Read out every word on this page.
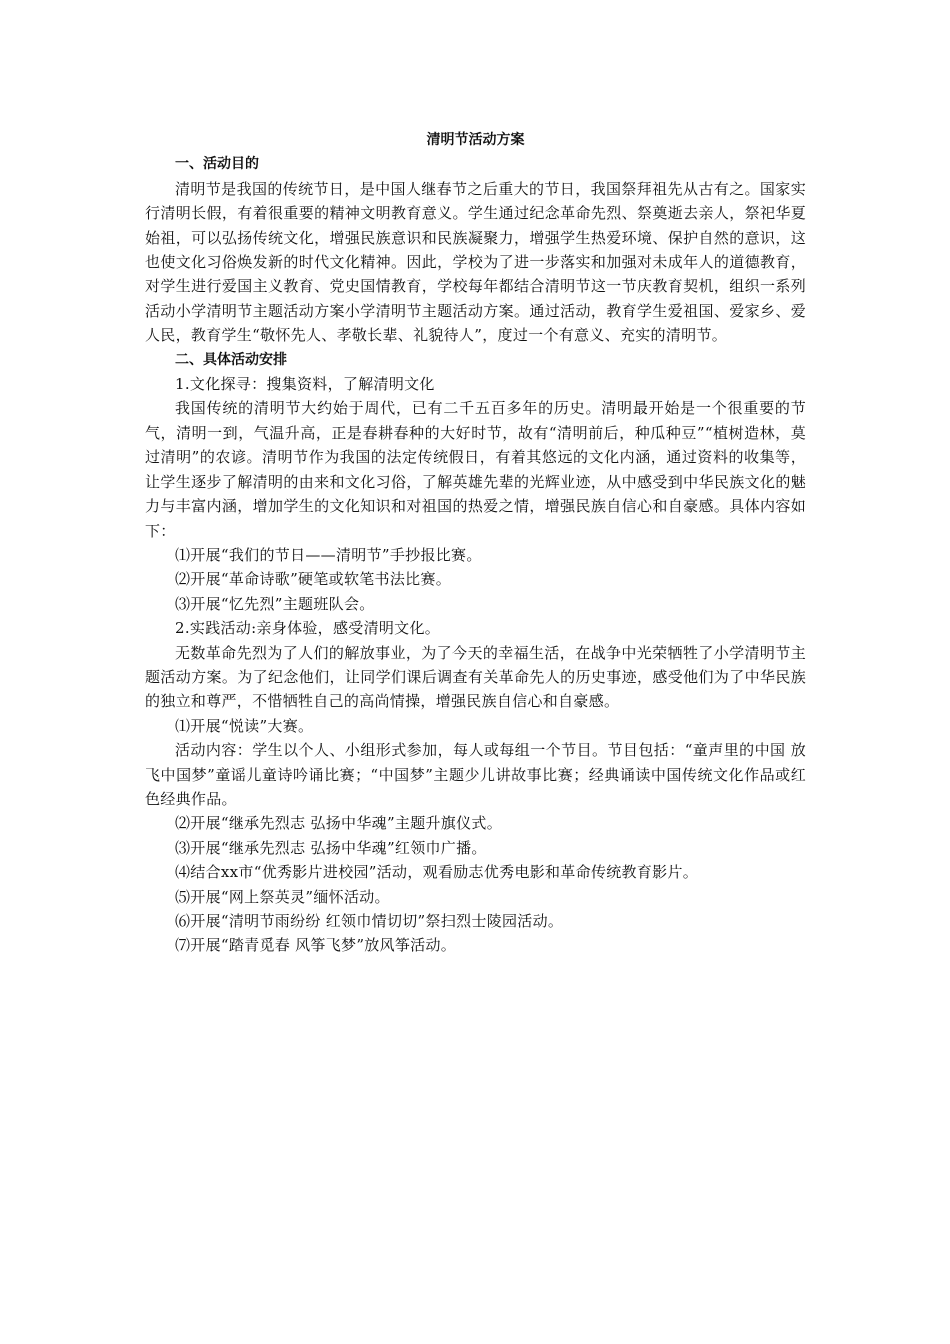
清明节活动方案
一、活动目的

清明节是我国的传统节日，是中国人继春节之后重大的节日，我国祭拜祖先从古有之。国家实行清明长假，有着很重要的精神文明教育意义。学生通过纪念革命先烈、祭奠逝去亲人，祭祀华夏始祖，可以弘扬传统文化，增强民族意识和民族凝聚力，增强学生热爱环境、保护自然的意识，这也使文化习俗焕发新的时代文化精神。因此，学校为了进一步落实和加强对未成年人的道德教育，对学生进行爱国主义教育、党史国情教育，学校每年都结合清明节这一节庆教育契机，组织一系列活动小学清明节主题活动方案小学清明节主题活动方案。通过活动，教育学生爱祖国、爱家乡、爱人民，教育学生“敬怀先人、孝敬长辈、礼貌待人”，度过一个有意义、充实的清明节。

二、具体活动安排

1.文化探寻：搜集资料，了解清明文化

我国传统的清明节大约始于周代，已有二千五百多年的历史。清明最开始是一个很重要的节气，清明一到，气温升高，正是春耕春种的大好时节，故有“清明前后，种瓜种豆”“植树造林，莫过清明”的农谚。清明节作为我国的法定传统假日，有着其悠远的文化内涵，通过资料的收集等，让学生逐步了解清明的由来和文化习俗，了解英雄先辈的光辉业迹，从中感受到中华民族文化的魅力与丰富内涵，增加学生的文化知识和对祖国的热爱之情，增强民族自信心和自豪感。具体内容如下：

⑴开展“我们的节日——清明节”手抄报比赛。

⑵开展“革命诗歌”硬笔或软笔书法比赛。

⑶开展“忆先烈”主题班队会。

2.实践活动:亲身体验，感受清明文化。

无数革命先烈为了人们的解放事业，为了今天的幸福生活，在战争中光荣牺牲了小学清明节主题活动方案。为了纪念他们，让同学们课后调查有关革命先人的历史事迹，感受他们为了中华民族的独立和尊严，不惜牺牲自己的高尚情操，增强民族自信心和自豪感。

⑴开展“悦读”大赛。

活动内容：学生以个人、小组形式参加，每人或每组一个节目。节目包括：“童声里的中国 放飞中国梦”童谣儿童诗吟诵比赛；“中国梦”主题少儿讲故事比赛；经典诵读中国传统文化作品或红色经典作品。

⑵开展“继承先烈志 弘扬中华魂”主题升旗仪式。

⑶开展“继承先烈志 弘扬中华魂”红领巾广播。

⑷结合xx市“优秀影片进校园”活动，观看励志优秀电影和革命传统教育影片。

⑸开展“网上祭英灵”缅怀活动。

⑹开展“清明节雨纷纷 红领巾情切切”祭扫烈士陵园活动。

⑺开展“踏青觅春 风筝飞梦”放风筝活动。
